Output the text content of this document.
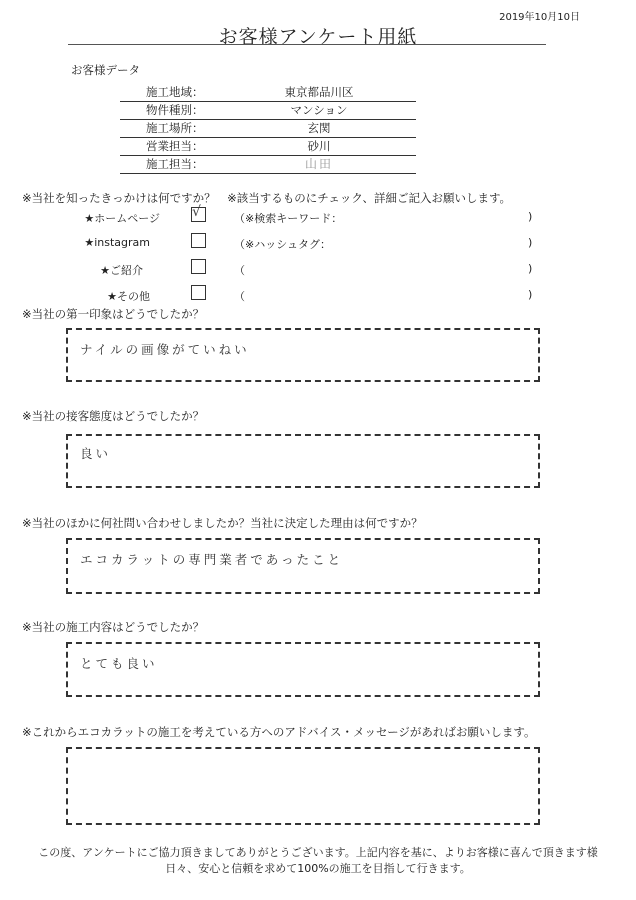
2019年10月10日
お客様アンケート用紙
お客様データ
施工地域：	東京都品川区
物件種別：	マンション
施工場所：	玄関
営業担当：	砂川
施工担当：	山田
※当社を知ったきっかけは何ですか？　※該当するものにチェック、詳細ご記入お願いします。
★ホームページ √	（※検索キーワード：	)
★instagram	（※ハッシュタグ：	)
★ご紹介	（	)
★その他	（	)
※当社の第一印象はどうでしたか？
ナイルの画像がていねい
※当社の接客態度はどうでしたか？
良い
※当社のほかに何社問い合わせしましたか？当社に決定した理由は何ですか？
エコカラットの専門業者であったこと
※当社の施工内容はどうでしたか？
とても良い
※これからエコカラットの施工を考えている方へのアドバイス・メッセージがあればお願いします。
この度、アンケートにご協力頂きましてありがとうございます。上記内容を基に、よりお客様に喜んで頂きます様
日々、安心と信頼を求めて100%の施工を目指して行きます。
